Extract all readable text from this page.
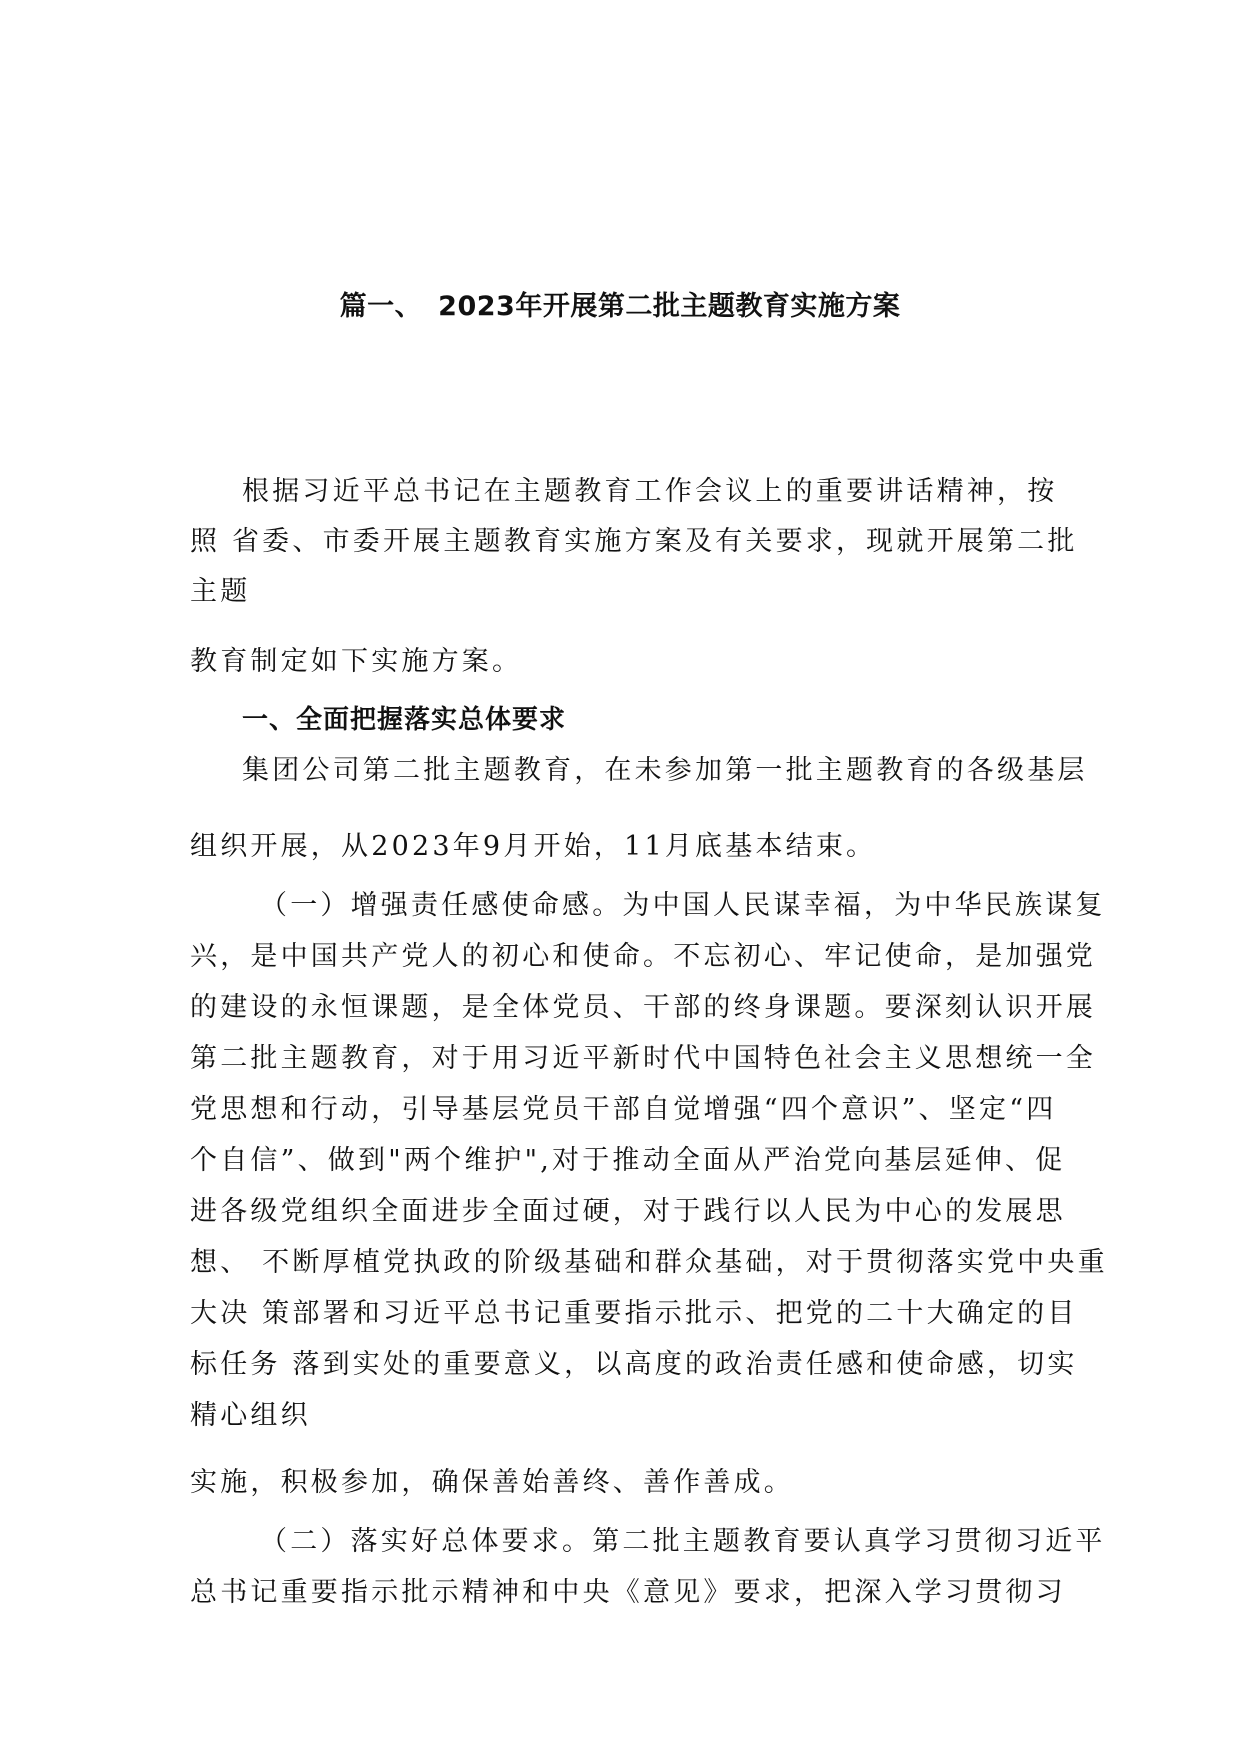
篇一、 2023年开展第二批主题教育实施方案
根据习近平总书记在主题教育工作会议上的重要讲话精神，按
照 省委、市委开展主题教育实施方案及有关要求，现就开展第二批
主题
教育制定如下实施方案。
一、全面把握落实总体要求
集团公司第二批主题教育，在未参加第一批主题教育的各级基层
组织开展，从2023年9月开始，11月底基本结束。
（一）增强责任感使命感。为中国人民谋幸福，为中华民族谋复
兴，是中国共产党人的初心和使命。不忘初心、牢记使命，是加强党
的建设的永恒课题，是全体党员、干部的终身课题。要深刻认识开展
第二批主题教育，对于用习近平新时代中国特色社会主义思想统一全
党思想和行动，引导基层党员干部自觉增强“四个意识”、坚定“四
个自信”、做到"两个维护",对于推动全面从严治党向基层延伸、促
进各级党组织全面进步全面过硬，对于践行以人民为中心的发展思
想、 不断厚植党执政的阶级基础和群众基础，对于贯彻落实党中央重
大决 策部署和习近平总书记重要指示批示、把党的二十大确定的目
标任务 落到实处的重要意义，以高度的政治责任感和使命感，切实
精心组织
实施，积极参加，确保善始善终、善作善成。
（二）落实好总体要求。第二批主题教育要认真学习贯彻习近平
总书记重要指示批示精神和中央《意见》要求，把深入学习贯彻习
